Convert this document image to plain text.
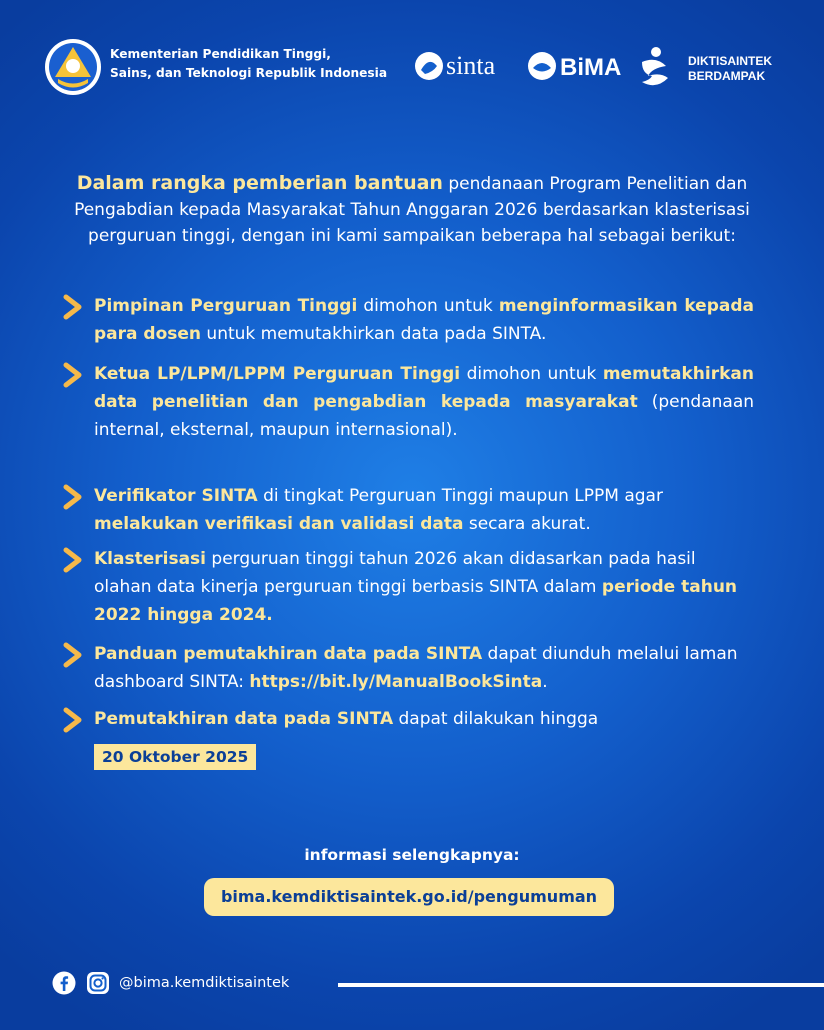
Kementerian Pendidikan Tinggi,
Sains, dan Teknologi Republik Indonesia sinta	BiMA	DIKTISAINTEK
BERDAMPAK
Dalam rangka pemberian bantuan pendanaan Program Penelitian dan Pengabdian kepada Masyarakat Tahun Anggaran 2026 berdasarkan klasterisasi perguruan tinggi, dengan ini kami sampaikan beberapa hal sebagai berikut:
Pimpinan Perguruan Tinggi dimohon untuk menginformasikan kepada para dosen untuk memutakhirkan data pada SINTA.
Ketua LP/LPM/LPPM Perguruan Tinggi dimohon untuk memutakhirkan data penelitian dan pengabdian kepada masyarakat (pendanaan internal, eksternal, maupun internasional).
Verifikator SINTA di tingkat Perguruan Tinggi maupun LPPM agar melakukan verifikasi dan validasi data secara akurat.
Klasterisasi perguruan tinggi tahun 2026 akan didasarkan pada hasil olahan data kinerja perguruan tinggi berbasis SINTA dalam periode tahun 2022 hingga 2024.
Panduan pemutakhiran data pada SINTA dapat diunduh melalui laman dashboard SINTA: https://bit.ly/ManualBookSinta.
Pemutakhiran data pada SINTA dapat dilakukan hingga
20 Oktober 2025
informasi selengkapnya:
bima.kemdiktisaintek.go.id/pengumuman
@bima.kemdiktisaintek
